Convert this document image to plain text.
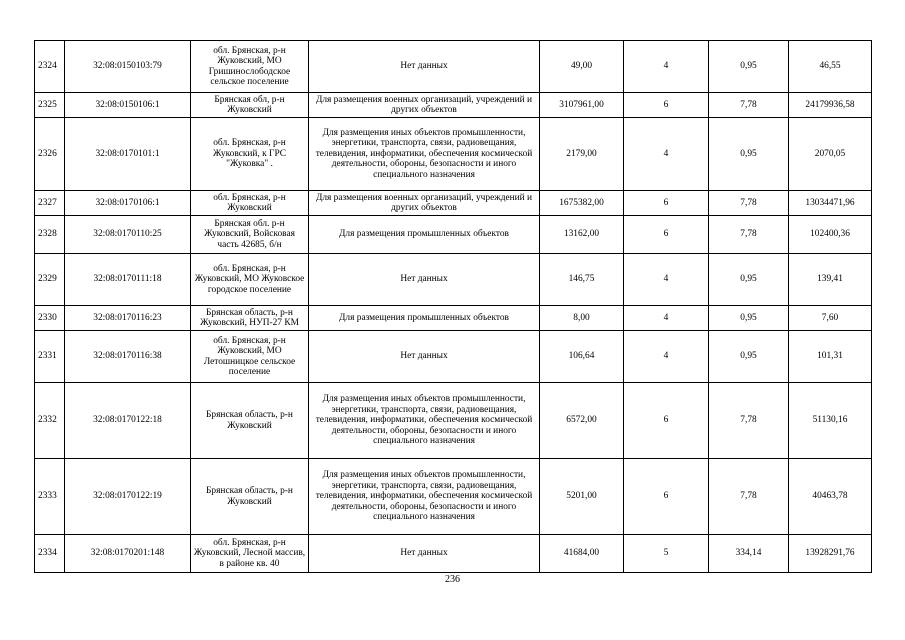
2324	32:08:0150103:79	обл. Брянская, р-н Жуковский, МО Гришинослободское сельское поселение	Нет данных	49,00	4	0,95	46,55
2325	32:08:0150106:1	Брянская обл, р-н Жуковский	Для размещения военных организаций, учреждений и других объектов	3107961,00	6	7,78	24179936,58
2326	32:08:0170101:1	обл. Брянская, р-н Жуковский, к ГРС "Жуковка" .	Для размещения иных объектов промышленности, энергетики, транспорта, связи, радиовещания, телевидения, информатики, обеспечения космической деятельности, обороны, безопасности и иного специального назначения	2179,00	4	0,95	2070,05
2327	32:08:0170106:1	обл. Брянская, р-н Жуковский	Для размещения военных организаций, учреждений и других объектов	1675382,00	6	7,78	13034471,96
2328	32:08:0170110:25	Брянская обл. р-н Жуковский, Войсковая часть 42685, б/н	Для размещения промышленных объектов	13162,00	6	7,78	102400,36
2329	32:08:0170111:18	обл. Брянская, р-н Жуковский, МО Жуковское городское поселение	Нет данных	146,75	4	0,95	139,41
2330	32:08:0170116:23	Брянская область, р-н Жуковский, НУП-27 КМ	Для размещения промышленных объектов	8,00	4	0,95	7,60
2331	32:08:0170116:38	обл. Брянская, р-н Жуковский, МО Летошницкое сельское поселение	Нет данных	106,64	4	0,95	101,31
2332	32:08:0170122:18	Брянская область, р-н Жуковский	Для размещения иных объектов промышленности, энергетики, транспорта, связи, радиовещания, телевидения, информатики, обеспечения космической деятельности, обороны, безопасности и иного специального назначения	6572,00	6	7,78	51130,16
2333	32:08:0170122:19	Брянская область, р-н Жуковский	Для размещения иных объектов промышленности, энергетики, транспорта, связи, радиовещания, телевидения, информатики, обеспечения космической деятельности, обороны, безопасности и иного специального назначения	5201,00	6	7,78	40463,78
2334	32:08:0170201:148	обл. Брянская, р-н Жуковский, Лесной массив, в районе кв. 40	Нет данных	41684,00	5	334,14	13928291,76
236
